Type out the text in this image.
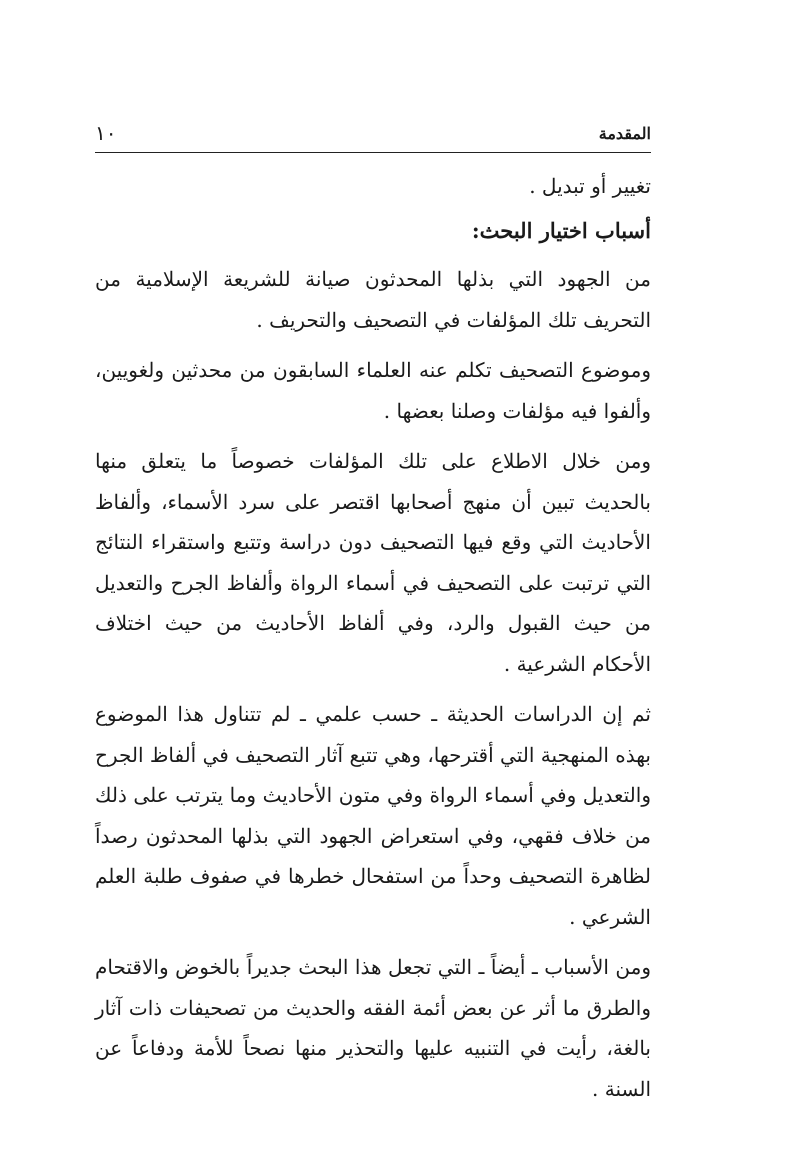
المقدمة
١٠

تغيير أو تبديل .

أسباب اختيار البحث:

من الجهود التي بذلها المحدثون صيانة للشريعة الإسلامية من التحريف تلك المؤلفات في التصحيف والتحريف .

وموضوع التصحيف تكلم عنه العلماء السابقون من محدثين ولغويين، وألفوا فيه مؤلفات وصلنا بعضها .

ومن خلال الاطلاع على تلك المؤلفات خصوصاً ما يتعلق منها بالحديث تبين أن منهج أصحابها اقتصر على سرد الأسماء، وألفاظ الأحاديث التي وقع فيها التصحيف دون دراسة وتتبع واستقراء النتائج التي ترتبت على التصحيف في أسماء الرواة وألفاظ الجرح والتعديل من حيث القبول والرد، وفي ألفاظ الأحاديث من حيث اختلاف الأحكام الشرعية .

ثم إن الدراسات الحديثة ـ حسب علمي ـ لم تتناول هذا الموضوع بهذه المنهجية التي أقترحها، وهي تتبع آثار التصحيف في ألفاظ الجرح والتعديل وفي أسماء الرواة وفي متون الأحاديث وما يترتب على ذلك من خلاف فقهي، وفي استعراض الجهود التي بذلها المحدثون رصداً لظاهرة التصحيف وحداً من استفحال خطرها في صفوف طلبة العلم الشرعي .

ومن الأسباب ـ أيضاً ـ التي تجعل هذا البحث جديراً بالخوض والاقتحام والطرق ما أثر عن بعض أئمة الفقه والحديث من تصحيفات ذات آثار بالغة، رأيت في التنبيه عليها والتحذير منها نصحاً للأمة ودفاعاً عن السنة .
